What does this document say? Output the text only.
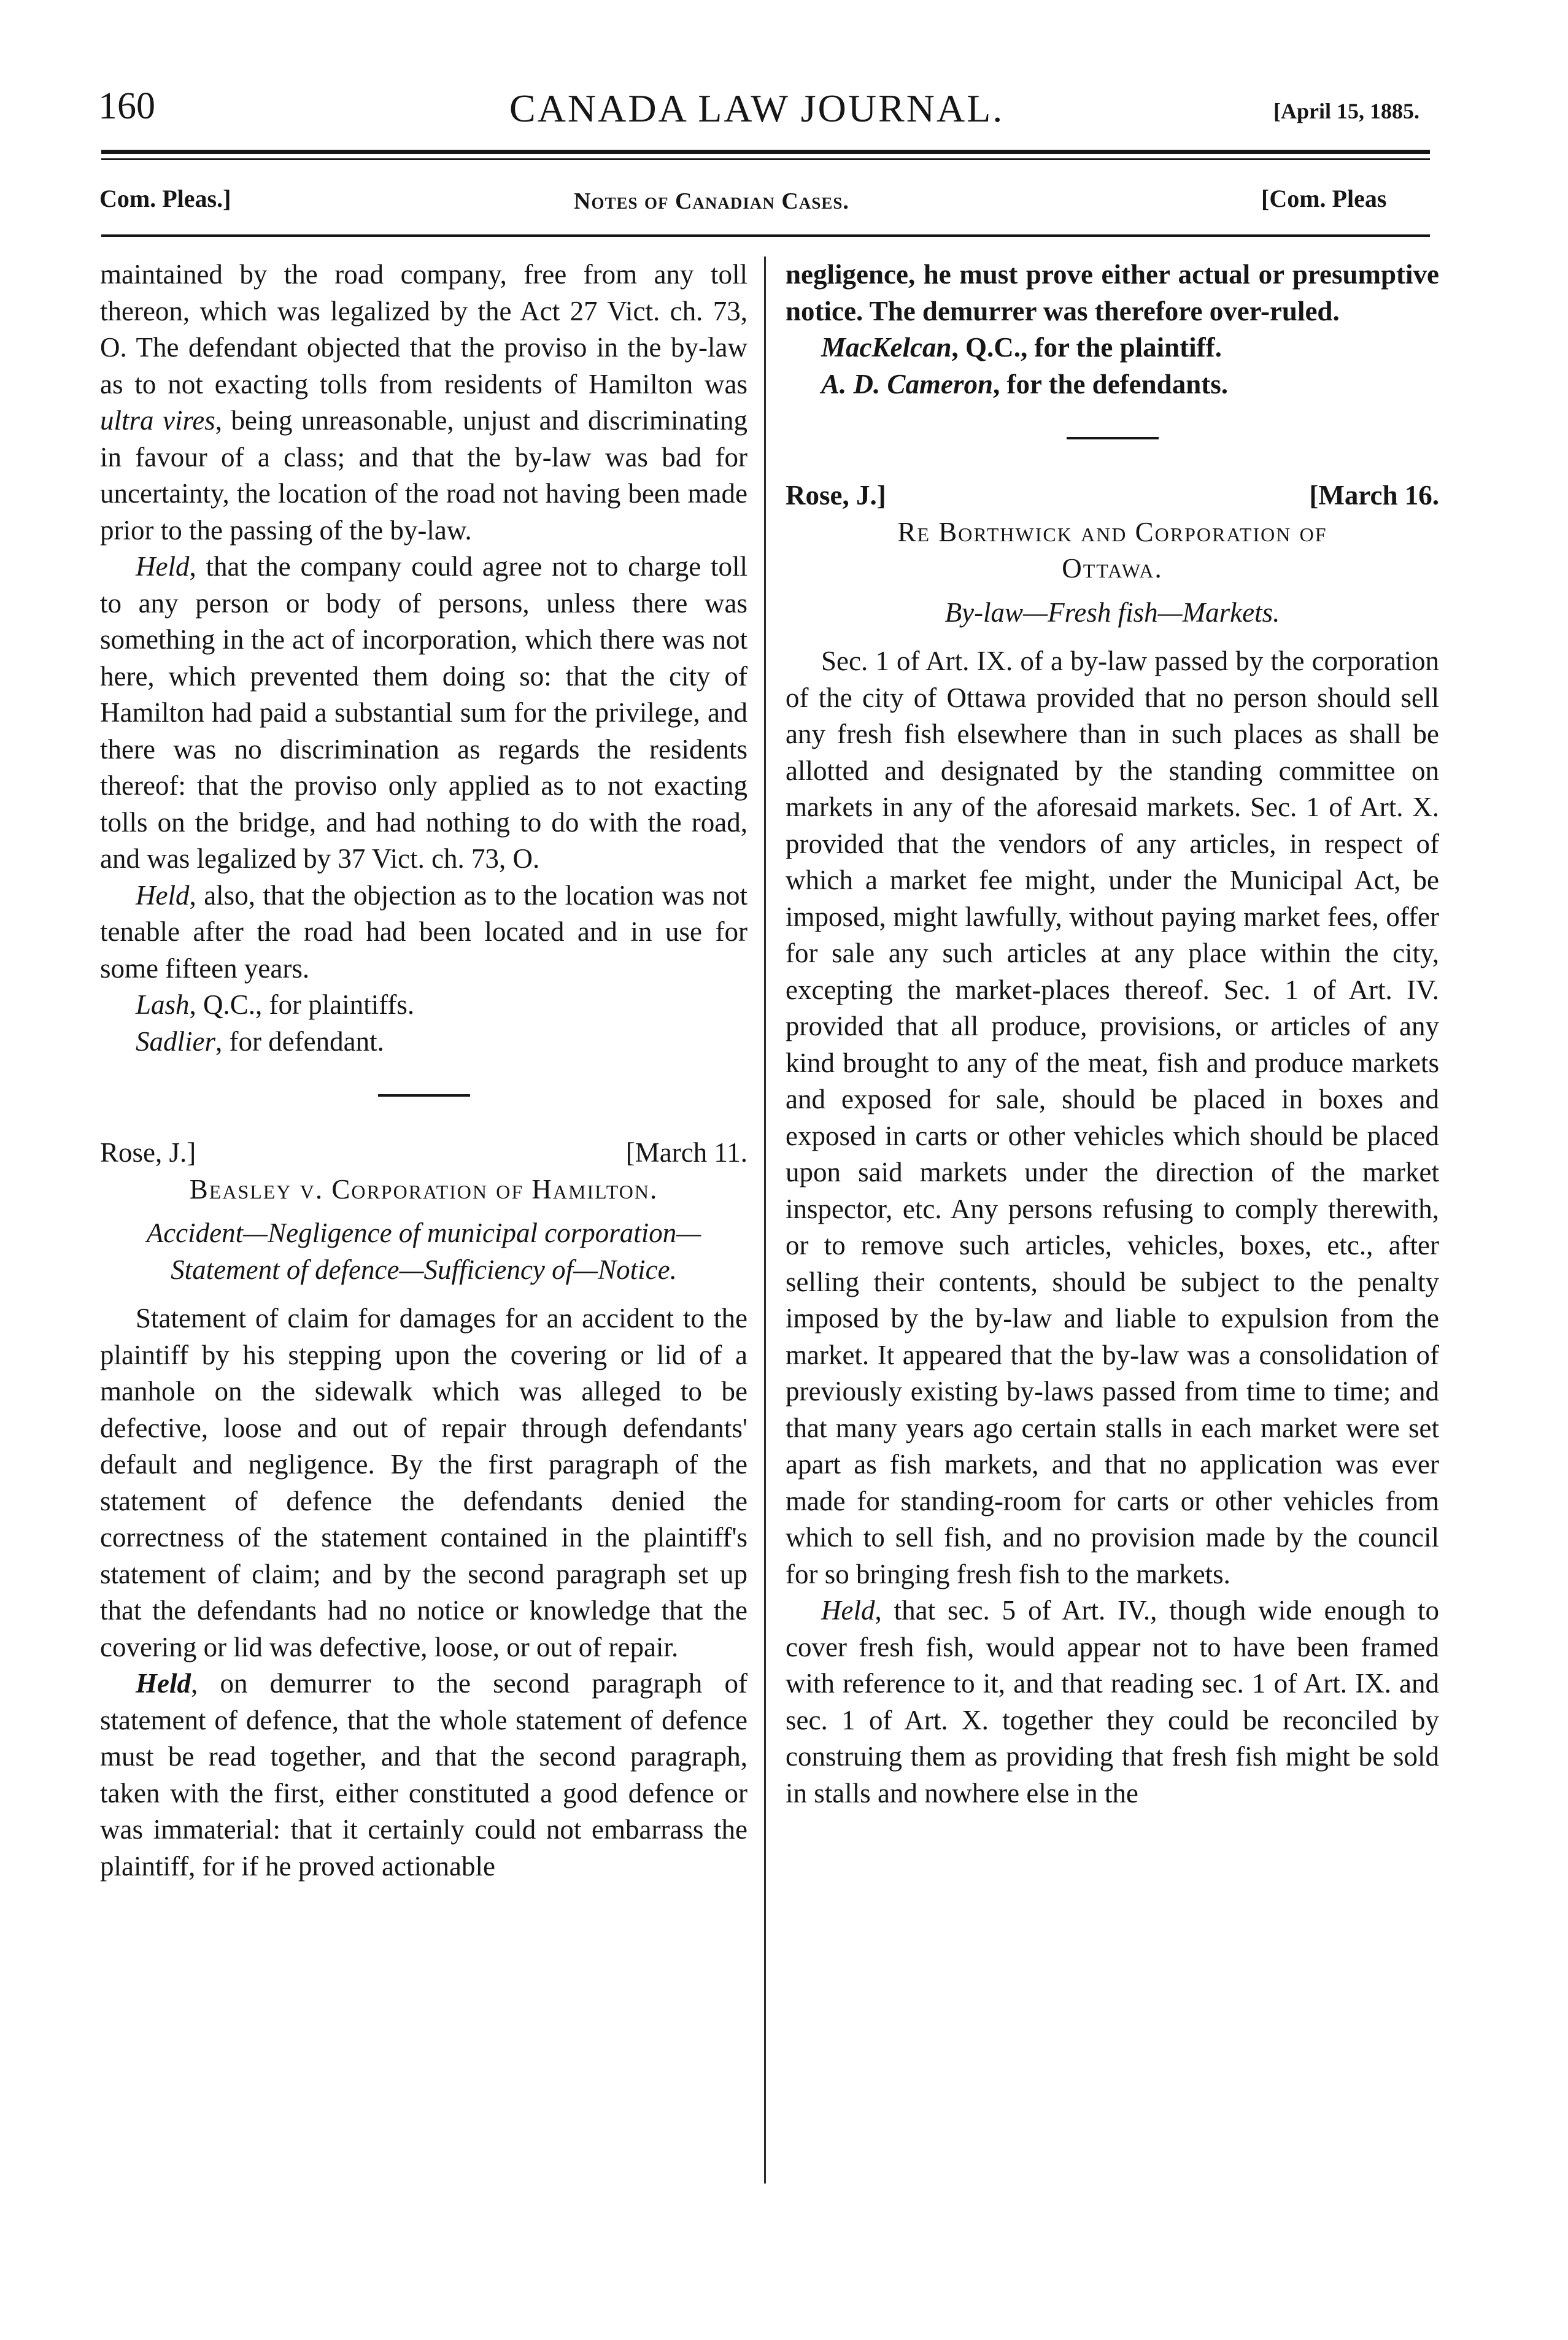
160	CANADA LAW JOURNAL.	[April 15, 1885.
Com. Pleas.]	Notes of Canadian Cases.	[Com. Pleas

maintained by the road company, free from any toll thereon, which was legalized by the Act 27 Vict. ch. 73, O. The defendant objected that the proviso in the by-law as to not exacting tolls from residents of Hamilton was ultra vires, being unreasonable, unjust and discriminating in favour of a class; and that the by-law was bad for uncertainty, the location of the road not having been made prior to the passing of the by-law.

Held, that the company could agree not to charge toll to any person or body of persons, unless there was something in the act of incorporation, which there was not here, which prevented them doing so: that the city of Hamilton had paid a substantial sum for the privilege, and there was no discrimination as regards the residents thereof: that the proviso only applied as to not exacting tolls on the bridge, and had nothing to do with the road, and was legalized by 37 Vict. ch. 73, O.

Held, also, that the objection as to the location was not tenable after the road had been located and in use for some fifteen years.

Lash, Q.C., for plaintiffs.

Sadlier, for defendant.

Rose, J.]	[March 11.

Beasley v. Corporation of Hamilton.

Accident—Negligence of municipal corporation—
Statement of defence—Sufficiency of—Notice.

Statement of claim for damages for an accident to the plaintiff by his stepping upon the covering or lid of a manhole on the sidewalk which was alleged to be defective, loose and out of repair through defendants' default and negligence. By the first paragraph of the statement of defence the defendants denied the correctness of the statement contained in the plaintiff's statement of claim; and by the second paragraph set up that the defendants had no notice or knowledge that the covering or lid was defective, loose, or out of repair.

Held, on demurrer to the second paragraph of statement of defence, that the whole statement of defence must be read together, and that the second paragraph, taken with the first, either constituted a good defence or was immaterial: that it certainly could not embarrass the plaintiff, for if he proved actionable

negligence, he must prove either actual or presumptive notice. The demurrer was therefore over-ruled.

MacKelcan, Q.C., for the plaintiff.

A. D. Cameron, for the defendants.

Rose, J.]	[March 16.

Re Borthwick and Corporation of
Ottawa.

By-law—Fresh fish—Markets.

Sec. 1 of Art. IX. of a by-law passed by the corporation of the city of Ottawa provided that no person should sell any fresh fish elsewhere than in such places as shall be allotted and designated by the standing committee on markets in any of the aforesaid markets. Sec. 1 of Art. X. provided that the vendors of any articles, in respect of which a market fee might, under the Municipal Act, be imposed, might lawfully, without paying market fees, offer for sale any such articles at any place within the city, excepting the market-places thereof. Sec. 1 of Art. IV. provided that all produce, provisions, or articles of any kind brought to any of the meat, fish and produce markets and exposed for sale, should be placed in boxes and exposed in carts or other vehicles which should be placed upon said markets under the direction of the market inspector, etc. Any persons refusing to comply therewith, or to remove such articles, vehicles, boxes, etc., after selling their contents, should be subject to the penalty imposed by the by-law and liable to expulsion from the market. It appeared that the by-law was a consolidation of previously existing by-laws passed from time to time; and that many years ago certain stalls in each market were set apart as fish markets, and that no application was ever made for standing-room for carts or other vehicles from which to sell fish, and no provision made by the council for so bringing fresh fish to the markets.

Held, that sec. 5 of Art. IV., though wide enough to cover fresh fish, would appear not to have been framed with reference to it, and that reading sec. 1 of Art. IX. and sec. 1 of Art. X. together they could be reconciled by construing them as providing that fresh fish might be sold in stalls and nowhere else in the
